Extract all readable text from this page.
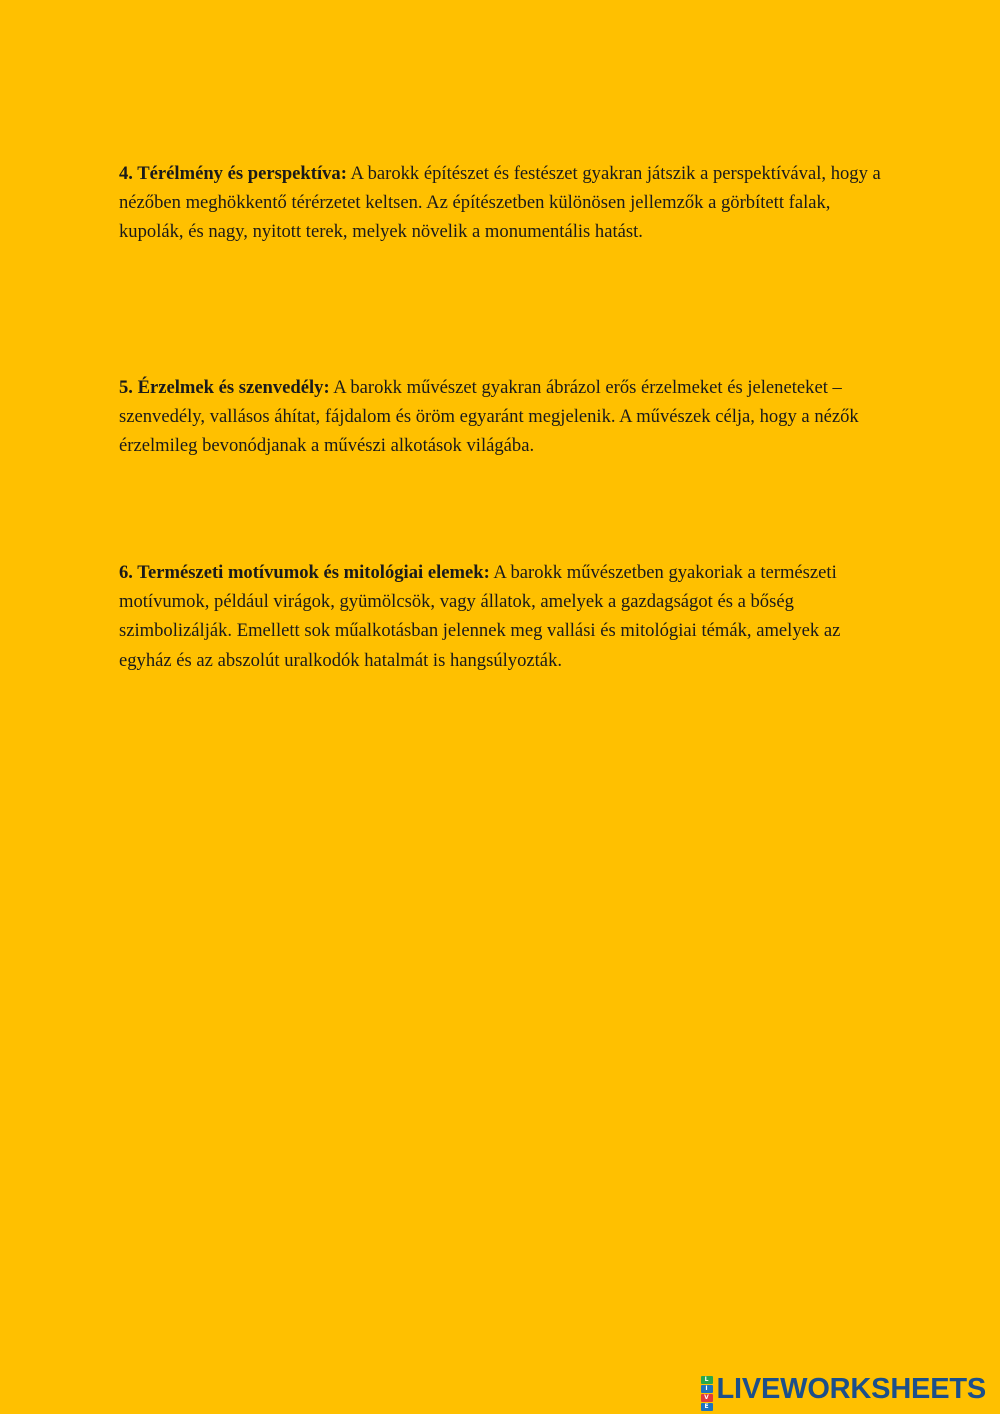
4. Térélmény és perspektíva: A barokk építészet és festészet gyakran játszik a perspektívával, hogy a nézőben meghökkentő térérzetet keltsen. Az építészetben különösen jellemzők a görbített falak, kupolák, és nagy, nyitott terek, melyek növelik a monumentális hatást.

5. Érzelmek és szenvedély: A barokk művészet gyakran ábrázol erős érzelmeket és jeleneteket – szenvedély, vallásos áhítat, fájdalom és öröm egyaránt megjelenik. A művészek célja, hogy a nézők érzelmileg bevonódjanak a művészi alkotások világába.

6. Természeti motívumok és mitológiai elemek: A barokk művészetben gyakoriak a természeti motívumok, például virágok, gyümölcsök, vagy állatok, amelyek a gazdagságot és a bőség szimbolizálják. Emellett sok műalkotásban jelennek meg vallási és mitológiai témák, amelyek az egyház és az abszolút uralkodók hatalmát is hangsúlyozták.

L
I
V
E
LIVEWORKSHEETS
